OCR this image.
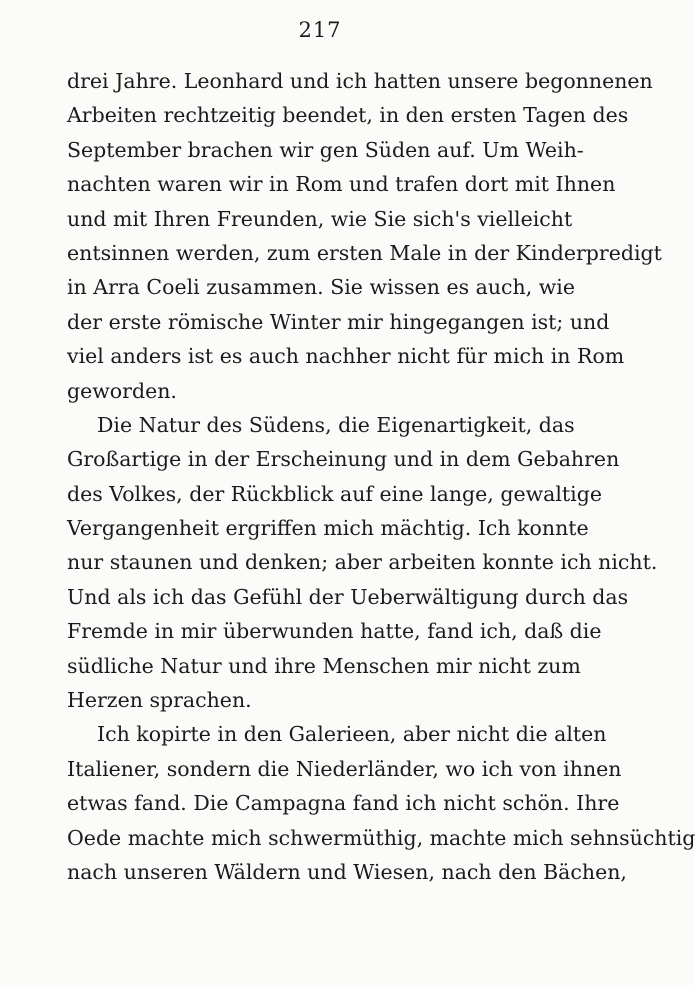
217
drei Jahre. Leonhard und ich hatten unsere begonnenen
Arbeiten rechtzeitig beendet, in den ersten Tagen des
September brachen wir gen Süden auf. Um Weih-
nachten waren wir in Rom und trafen dort mit Ihnen
und mit Ihren Freunden, wie Sie sich's vielleicht
entsinnen werden, zum ersten Male in der Kinderpredigt
in Arra Coeli zusammen. Sie wissen es auch, wie
der erste römische Winter mir hingegangen ist; und
viel anders ist es auch nachher nicht für mich in Rom
geworden.
Die Natur des Südens, die Eigenartigkeit, das
Großartige in der Erscheinung und in dem Gebahren
des Volkes, der Rückblick auf eine lange, gewaltige
Vergangenheit ergriffen mich mächtig. Ich konnte
nur staunen und denken; aber arbeiten konnte ich nicht.
Und als ich das Gefühl der Ueberwältigung durch das
Fremde in mir überwunden hatte, fand ich, daß die
südliche Natur und ihre Menschen mir nicht zum
Herzen sprachen.
Ich kopirte in den Galerieen, aber nicht die alten
Italiener, sondern die Niederländer, wo ich von ihnen
etwas fand. Die Campagna fand ich nicht schön. Ihre
Oede machte mich schwermüthig, machte mich sehnsüchtig
nach unseren Wäldern und Wiesen, nach den Bächen,
